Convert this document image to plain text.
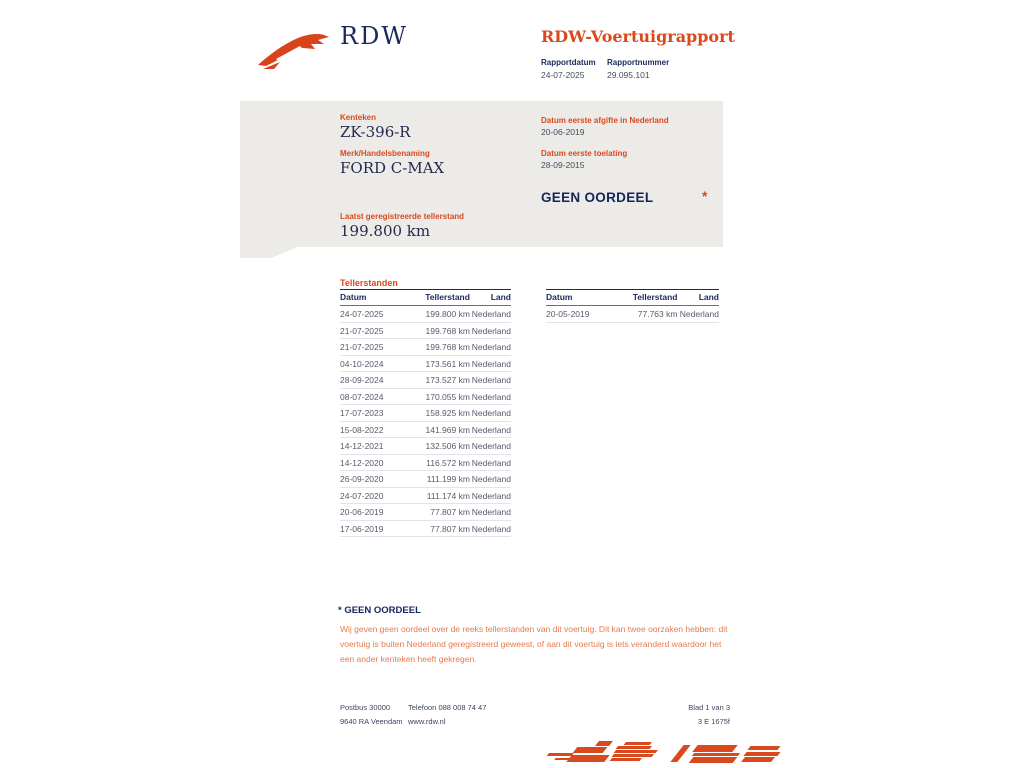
RDW	RDW-Voertuigrapport
Rapportdatum Rapportnummer
24-07-2025	29.095.101
Kenteken
ZK-396-R
Merk/Handelsbenaming
FORD C-MAX
Laatst geregistreerde tellerstand
199.800 km
Datum eerste afgifte in Nederland
20-06-2019
Datum eerste toelating
28-09-2015
GEEN OORDEEL	*
Tellerstanden
Datum	Tellerstand	Land
24-07-2025	199.800 km	Nederland
21-07-2025	199.768 km	Nederland
21-07-2025	199.768 km	Nederland
04-10-2024	173.561 km	Nederland
28-09-2024	173.527 km	Nederland
08-07-2024	170.055 km	Nederland
17-07-2023	158.925 km	Nederland
15-08-2022	141.969 km	Nederland
14-12-2021	132.506 km	Nederland
14-12-2020	116.572 km	Nederland
26-09-2020	111.199 km	Nederland
24-07-2020	111.174 km	Nederland
20-06-2019	77.807 km	Nederland
17-06-2019	77.807 km	Nederland
Datum	Tellerstand	Land
20-05-2019	77.763 km	Nederland
* GEEN OORDEEL
Wij geven geen oordeel over de reeks tellerstanden van dit voertuig. Dit kan twee oorzaken hebben: dit voertuig is buiten Nederland geregistreerd geweest, of aan dit voertuig is iets veranderd waardoor het een ander kenteken heeft gekregen.
Postbus 30000
9640 RA Veendam
Telefoon 088 008 74 47
www.rdw.nl
Blad 1 van 3
3 E 1675f
